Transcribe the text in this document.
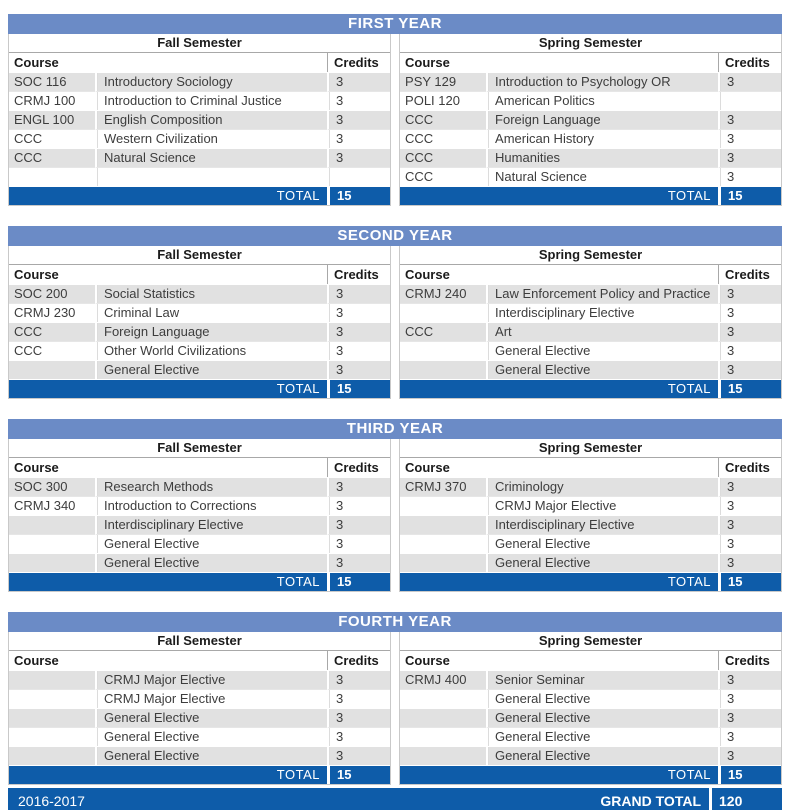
FIRST YEAR
Fall Semester		
Course		Credits
SOC 116	Introductory Sociology	3
CRMJ 100	Introduction to Criminal Justice	3
ENGL 100	English Composition	3
CCC	Western Civilization	3
CCC	Natural Science	3

TOTAL		15
Spring Semester		
Course		Credits
PSY 129	Introduction to Psychology OR	3
POLI 120	American Politics	
CCC	Foreign Language	3
CCC	American History	3
CCC	Humanities	3
CCC	Natural Science	3
TOTAL		15
SECOND YEAR
Fall Semester		
Course		Credits
SOC 200	Social Statistics	3
CRMJ 230	Criminal Law	3
CCC	Foreign Language	3
CCC	Other World Civilizations	3
	General Elective	3
TOTAL		15
Spring Semester		
Course		Credits
CRMJ 240	Law Enforcement Policy and Practice	3
	Interdisciplinary Elective	3
CCC	Art	3
	General Elective	3
	General Elective	3
TOTAL		15
THIRD YEAR
Fall Semester		
Course		Credits
SOC 300	Research Methods	3
CRMJ 340	Introduction to Corrections	3
	Interdisciplinary Elective	3
	General Elective	3
	General Elective	3
TOTAL		15
Spring Semester		
Course		Credits
CRMJ 370	Criminology	3
	CRMJ Major Elective	3
	Interdisciplinary Elective	3
	General Elective	3
	General Elective	3
TOTAL		15
FOURTH YEAR
Fall Semester		
Course		Credits
	CRMJ Major Elective	3
	CRMJ Major Elective	3
	General Elective	3
	General Elective	3
	General Elective	3
TOTAL		15
Spring Semester		
Course		Credits
CRMJ 400	Senior Seminar	3
	General Elective	3
	General Elective	3
	General Elective	3
	General Elective	3
TOTAL		15
2016-2017	GRAND TOTAL	120
